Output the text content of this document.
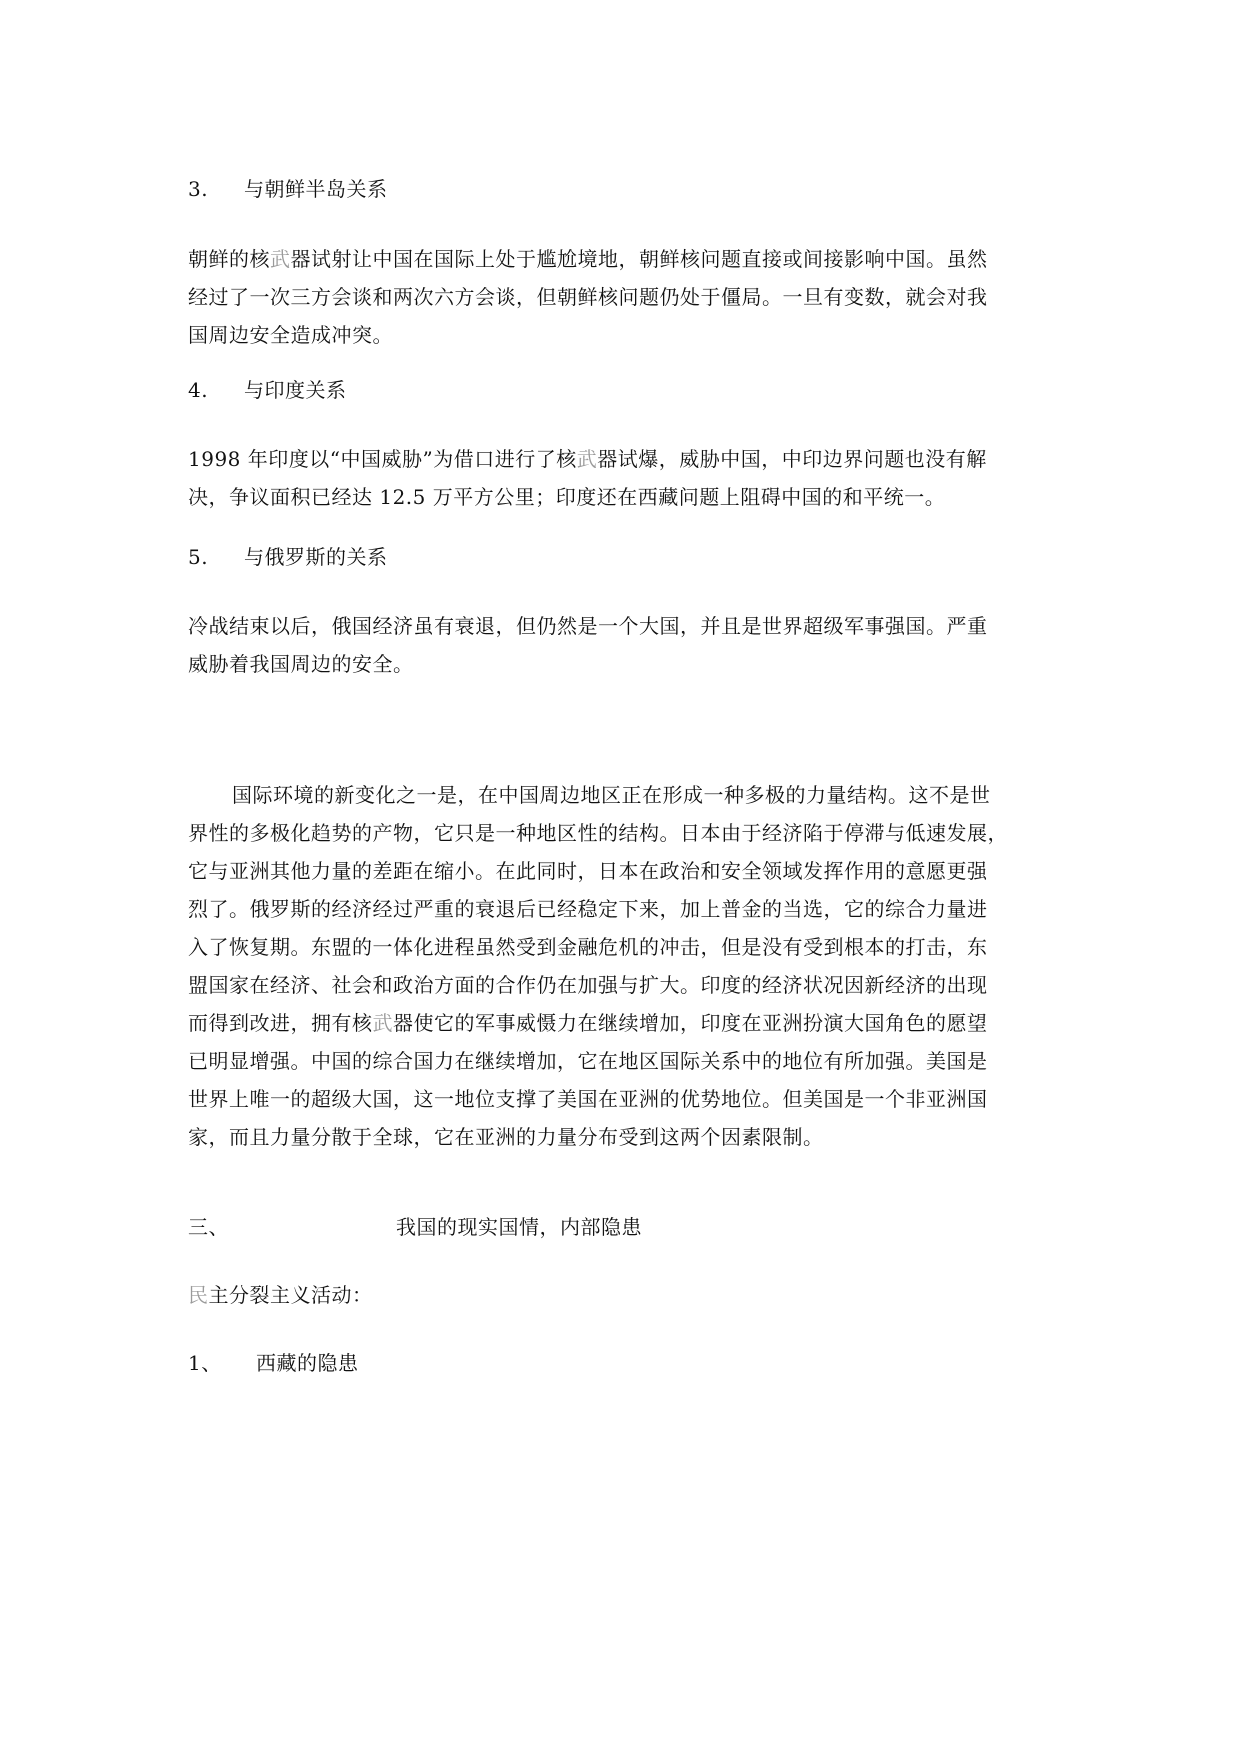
3. 与朝鲜半岛关系
朝鲜的核武器试射让中国在国际上处于尴尬境地，朝鲜核问题直接或间接影响中国。虽然
经过了一次三方会谈和两次六方会谈，但朝鲜核问题仍处于僵局。一旦有变数，就会对我
国周边安全造成冲突。
4. 与印度关系
1998 年印度以“中国威胁”为借口进行了核武器试爆，威胁中国，中印边界问题也没有解
决，争议面积已经达 12.5 万平方公里；印度还在西藏问题上阻碍中国的和平统一。
5. 与俄罗斯的关系
冷战结束以后，俄国经济虽有衰退，但仍然是一个大国，并且是世界超级军事强国。严重
威胁着我国周边的安全。
国际环境的新变化之一是，在中国周边地区正在形成一种多极的力量结构。这不是世
界性的多极化趋势的产物，它只是一种地区性的结构。日本由于经济陷于停滞与低速发展，
它与亚洲其他力量的差距在缩小。在此同时，日本在政治和安全领域发挥作用的意愿更强
烈了。俄罗斯的经济经过严重的衰退后已经稳定下来，加上普金的当选，它的综合力量进
入了恢复期。东盟的一体化进程虽然受到金融危机的冲击，但是没有受到根本的打击，东
盟国家在经济、社会和政治方面的合作仍在加强与扩大。印度的经济状况因新经济的出现
而得到改进，拥有核武器使它的军事威慑力在继续增加，印度在亚洲扮演大国角色的愿望
已明显增强。中国的综合国力在继续增加，它在地区国际关系中的地位有所加强。美国是
世界上唯一的超级大国，这一地位支撑了美国在亚洲的优势地位。但美国是一个非亚洲国
家，而且力量分散于全球，它在亚洲的力量分布受到这两个因素限制。
三、	我国的现实国情，内部隐患
民主分裂主义活动：
1、 西藏的隐患
